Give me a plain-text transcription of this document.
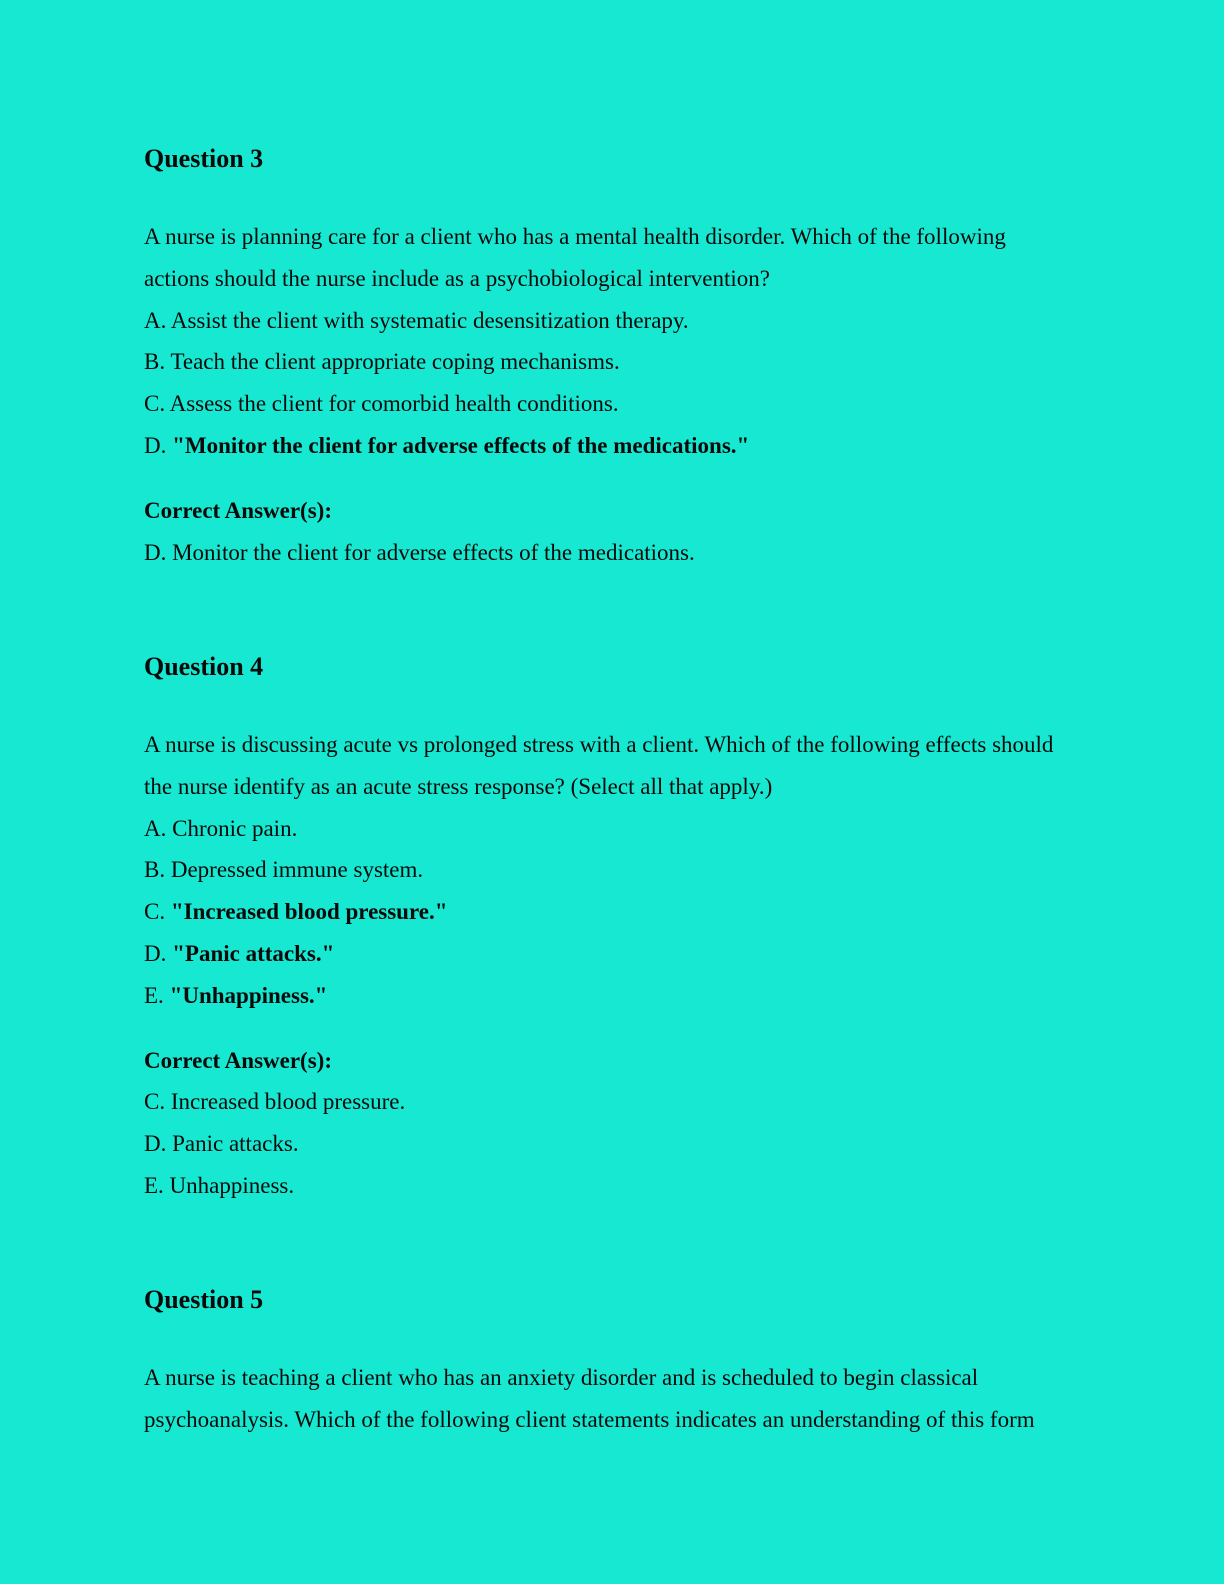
Question 3

A nurse is planning care for a client who has a mental health disorder. Which of the following actions should the nurse include as a psychobiological intervention?

A. Assist the client with systematic desensitization therapy.
B. Teach the client appropriate coping mechanisms.
C. Assess the client for comorbid health conditions.
D. "Monitor the client for adverse effects of the medications."
Correct Answer(s):
D. Monitor the client for adverse effects of the medications.
Question 4

A nurse is discussing acute vs prolonged stress with a client. Which of the following effects should the nurse identify as an acute stress response? (Select all that apply.)

A. Chronic pain.
B. Depressed immune system.
C. "Increased blood pressure."
D. "Panic attacks."
E. "Unhappiness."
Correct Answer(s):
C. Increased blood pressure.
D. Panic attacks.
E. Unhappiness.
Question 5

A nurse is teaching a client who has an anxiety disorder and is scheduled to begin classical psychoanalysis. Which of the following client statements indicates an understanding of this form
